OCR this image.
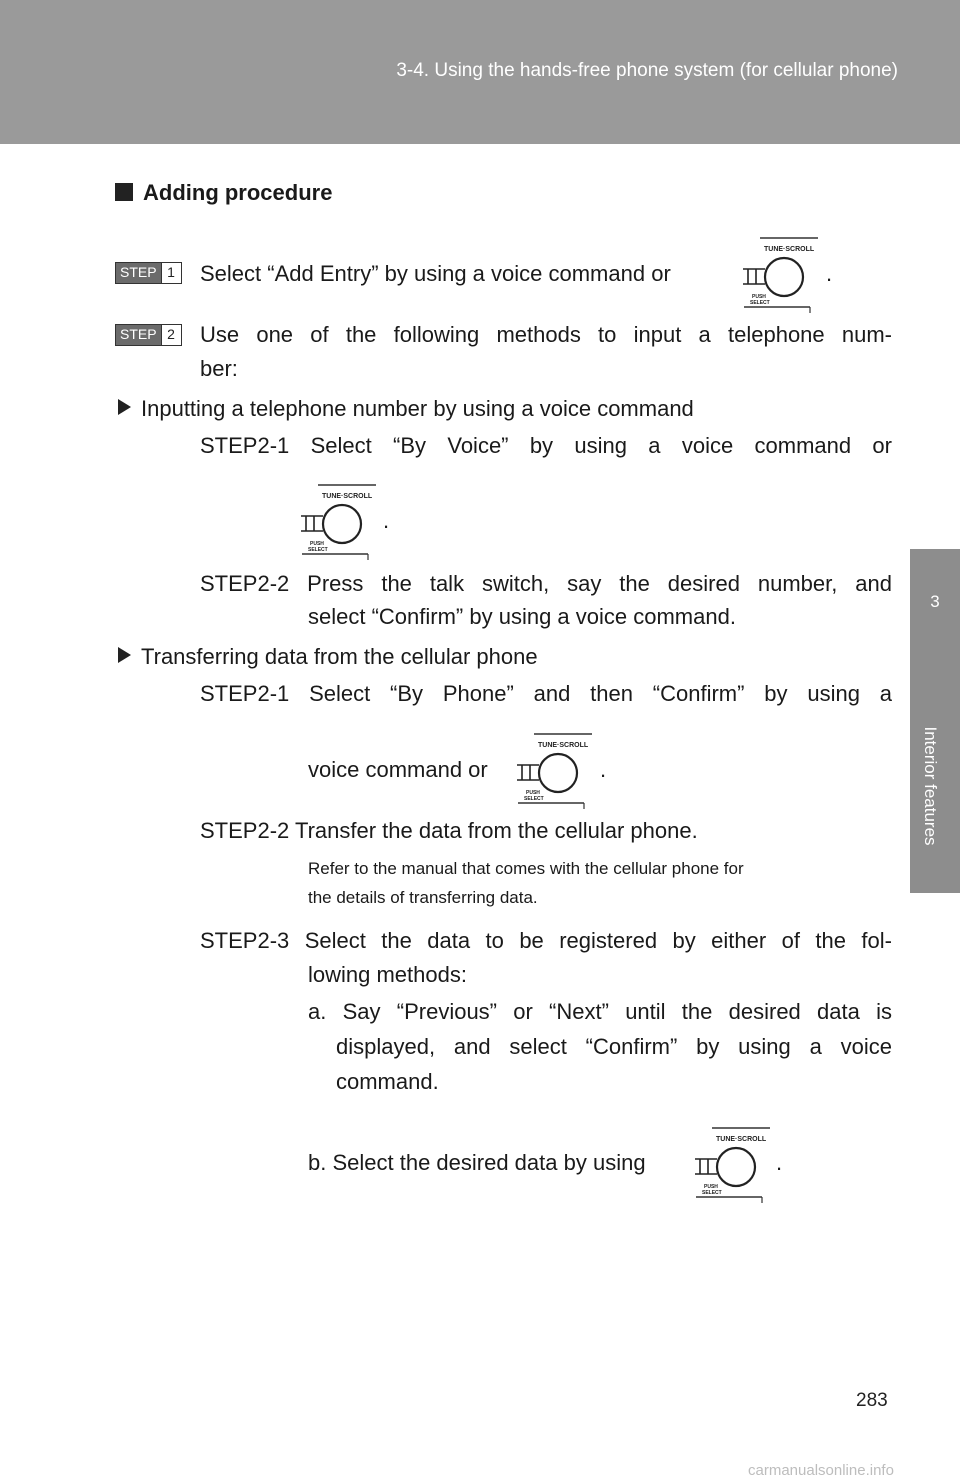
3-4. Using the hands-free phone system (for cellular phone)
3
Interior features
Adding procedure
STEP 1 Select “Add Entry” by using a voice command or	.
STEP 2 Use one of the following methods to input a telephone num-
ber:
Inputting a telephone number by using a voice command
STEP2-1 Select “By Voice” by using a voice command or
.
STEP2-2 Press the talk switch, say the desired number, and
select “Confirm” by using a voice command.
Transferring data from the cellular phone
STEP2-1 Select “By Phone” and then “Confirm” by using a
voice command or	.
STEP2-2 Transfer the data from the cellular phone.
Refer to the manual that comes with the cellular phone for
the details of transferring data.
STEP2-3 Select the data to be registered by either of the fol-
lowing methods:
a. Say “Previous” or “Next” until the desired data is
displayed, and select “Confirm” by using a voice
command.
b. Select the desired data by using	.
TUNE·SCROLL
PUSH
SELECT
TUNE·SCROLL
PUSH
SELECT
TUNE·SCROLL
PUSH
SELECT
TUNE·SCROLL
PUSH
SELECT
283
carmanualsonline.info
